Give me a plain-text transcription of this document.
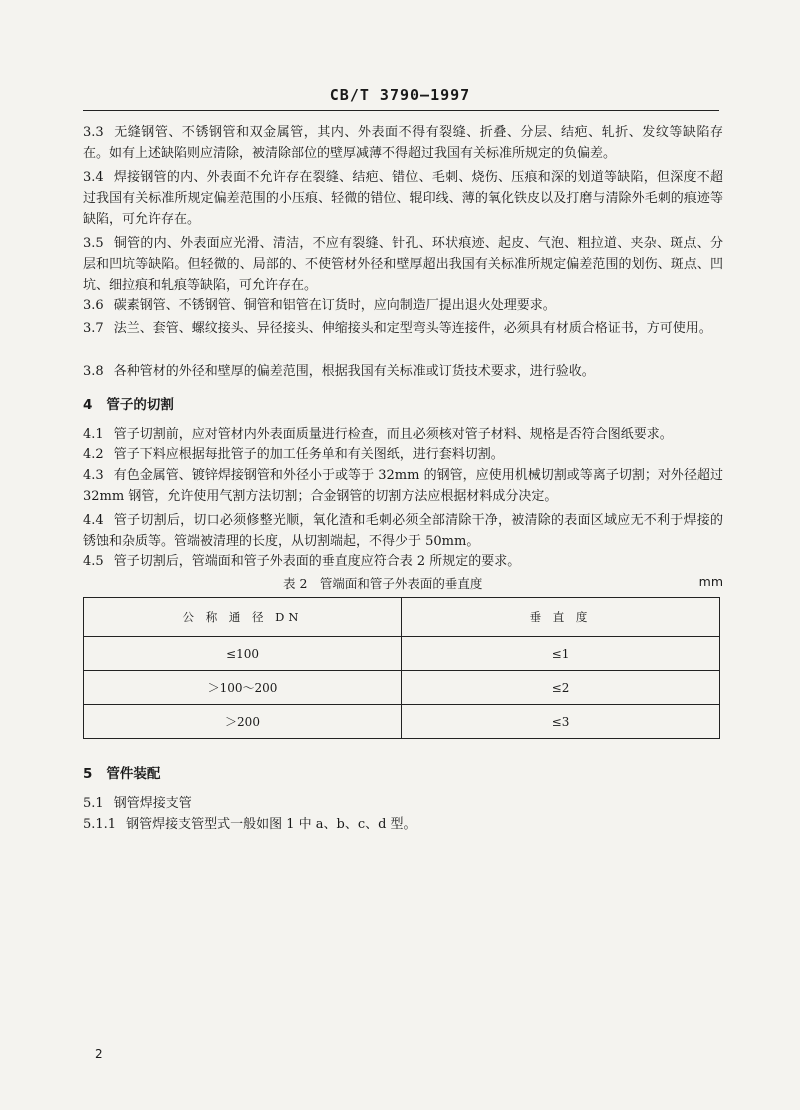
CB/T 3790—1997
3.3 无缝钢管、不锈钢管和双金属管，其内、外表面不得有裂缝、折叠、分层、结疤、轧折、发纹等缺陷存在。如有上述缺陷则应清除，被清除部位的壁厚减薄不得超过我国有关标准所规定的负偏差。
3.4 焊接钢管的内、外表面不允许存在裂缝、结疤、错位、毛刺、烧伤、压痕和深的划道等缺陷，但深度不超过我国有关标准所规定偏差范围的小压痕、轻微的错位、辊印线、薄的氧化铁皮以及打磨与清除外毛刺的痕迹等缺陷，可允许存在。
3.5 铜管的内、外表面应光滑、清洁，不应有裂缝、针孔、环状痕迹、起皮、气泡、粗拉道、夹杂、斑点、分层和凹坑等缺陷。但轻微的、局部的、不使管材外径和壁厚超出我国有关标准所规定偏差范围的划伤、斑点、凹坑、细拉痕和轧痕等缺陷，可允许存在。
3.6 碳素钢管、不锈钢管、铜管和铝管在订货时，应向制造厂提出退火处理要求。
3.7 法兰、套管、螺纹接头、异径接头、伸缩接头和定型弯头等连接件，必须具有材质合格证书，方可使用。
3.8 各种管材的外径和壁厚的偏差范围，根据我国有关标准或订货技术要求，进行验收。
4 管子的切割
4.1 管子切割前，应对管材内外表面质量进行检查，而且必须核对管子材料、规格是否符合图纸要求。
4.2 管子下料应根据每批管子的加工任务单和有关图纸，进行套料切割。
4.3 有色金属管、镀锌焊接钢管和外径小于或等于 32mm 的钢管，应使用机械切割或等离子切割；对外径超过 32mm 钢管，允许使用气割方法切割；合金钢管的切割方法应根据材料成分决定。
4.4 管子切割后，切口必须修整光顺，氧化渣和毛刺必须全部清除干净，被清除的表面区域应无不利于焊接的锈蚀和杂质等。管端被清理的长度，从切割端起，不得少于 50mm。
4.5 管子切割后，管端面和管子外表面的垂直度应符合表 2 所规定的要求。
表 2　管端面和管子外表面的垂直度	mm
公 称 通 径 DN	垂 直 度
≤100	≤1
＞100～200	≤2
＞200	≤3
5 管件装配
5.1 钢管焊接支管
5.1.1 钢管焊接支管型式一般如图 1 中 a、b、c、d 型。
2
